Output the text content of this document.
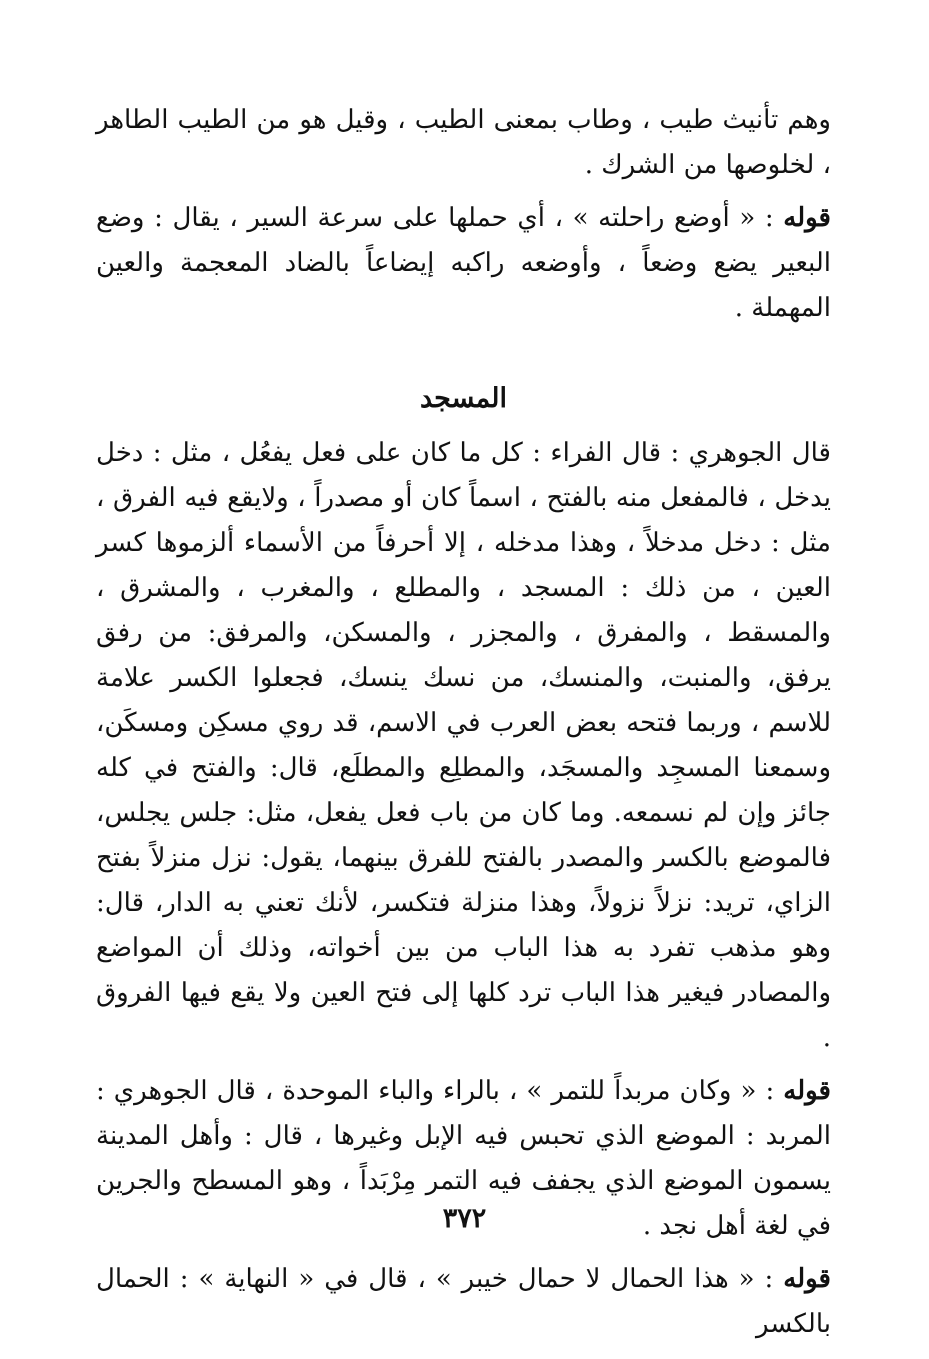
وهم تأنيث طيب ، وطاب بمعنى الطيب ، وقيل هو من الطيب الطاهر ، لخلوصها من الشرك .

قوله : « أوضع راحلته » ، أي حملها على سرعة السير ، يقال : وضع البعير يضع وضعاً ، وأوضعه راكبه إيضاعاً بالضاد المعجمة والعين المهملة .

المسجد

قال الجوهري : قال الفراء : كل ما كان على فعل يفعُل ، مثل : دخل يدخل ، فالمفعل منه بالفتح ، اسماً كان أو مصدراً ، ولايقع فيه الفرق ، مثل : دخل مدخلاً ، وهذا مدخله ، إلا أحرفاً من الأسماء ألزموها كسر العين ، من ذلك : المسجد ، والمطلع ، والمغرب ، والمشرق ، والمسقط ، والمفرق ، والمجزر ، والمسكن، والمرفق: من رفق يرفق، والمنبت، والمنسك، من نسك ينسك، فجعلوا الكسر علامة للاسم ، وربما فتحه بعض العرب في الاسم، قد روي مسكِن ومسكَن، وسمعنا المسجِد والمسجَد، والمطلِع والمطلَع، قال: والفتح في كله جائز وإن لم نسمعه. وما كان من باب فعل يفعل، مثل: جلس يجلس، فالموضع بالكسر والمصدر بالفتح للفرق بينهما، يقول: نزل منزلاً بفتح الزاي، تريد: نزلاً نزولاً، وهذا منزلة فتكسر، لأنك تعني به الدار، قال: وهو مذهب تفرد به هذا الباب من بين أخواته، وذلك أن المواضع والمصادر فيغير هذا الباب ترد كلها إلى فتح العين ولا يقع فيها الفروق .

قوله : « وكان مربداً للتمر » ، بالراء والباء الموحدة ، قال الجوهري : المربد : الموضع الذي تحبس فيه الإبل وغيرها ، قال : وأهل المدينة يسمون الموضع الذي يجفف فيه التمر مِرْبَداً ، وهو المسطح والجرين في لغة أهل نجد .

قوله : « هذا الحمال لا حمال خيبر » ، قال في « النهاية » : الحمال بالكسر

٣٧٢
